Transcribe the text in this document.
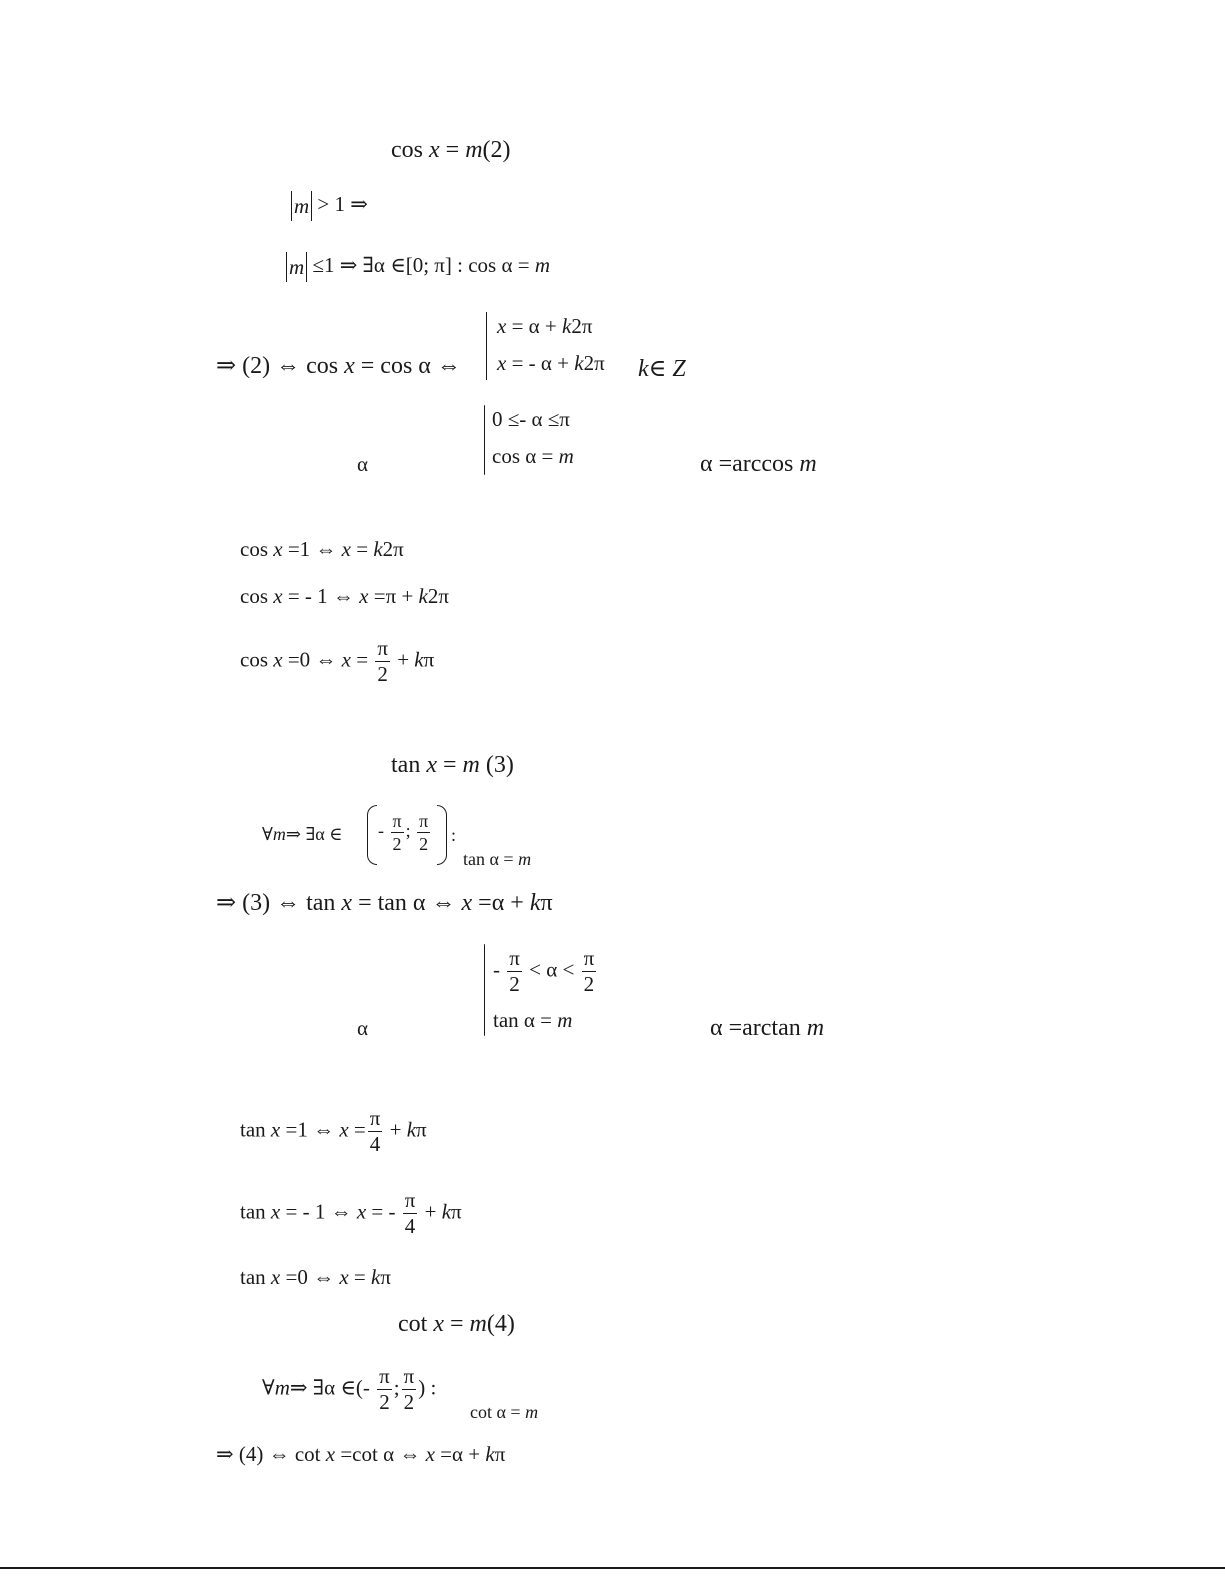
cos x = m(2)
m > 1 ⇒
m ≤1 ⇒ ∃α ∈[0; π] : cos α = m
⇒ (2) ⇔ cos x = cos α ⇔
x = α + k2π
x = - α + k2π k∈ Z
α
0 ≤- α ≤π
cos α = m	α =arccos m
cos x =1 ⇔ x = k2π
cos x = - 1 ⇔ x =π + k2π
cos x =0 ⇔ $x = \frac{\pi}{2} + k\pi$
tan x = m (3)
∀m⇒ ∃α ∈ - $\frac{\pi}{2}$ ; $\frac{\pi}{2}$ :
tan α = m
⇒ (3) ⇔ tan x = tan α ⇔ x =α + kπ
α
- $\frac{\pi}{2} < \alpha < \frac{\pi}{2}$
tan α = m	α =arctan m
tan x =1 ⇔ $x = \frac{\pi}{4} + k\pi$
tan x = - 1 ⇔ x = - $\frac{\pi}{4} + k\pi$
tan x =0 ⇔ x = kπ
cot x = m(4)
∀m⇒ ∃α ∈(- $\frac{\pi}{2}$ ; $\frac{\pi}{2}$ ) :
cot α = m
⇒ (4) ⇔ cot x =cot α ⇔ x =α + kπ
